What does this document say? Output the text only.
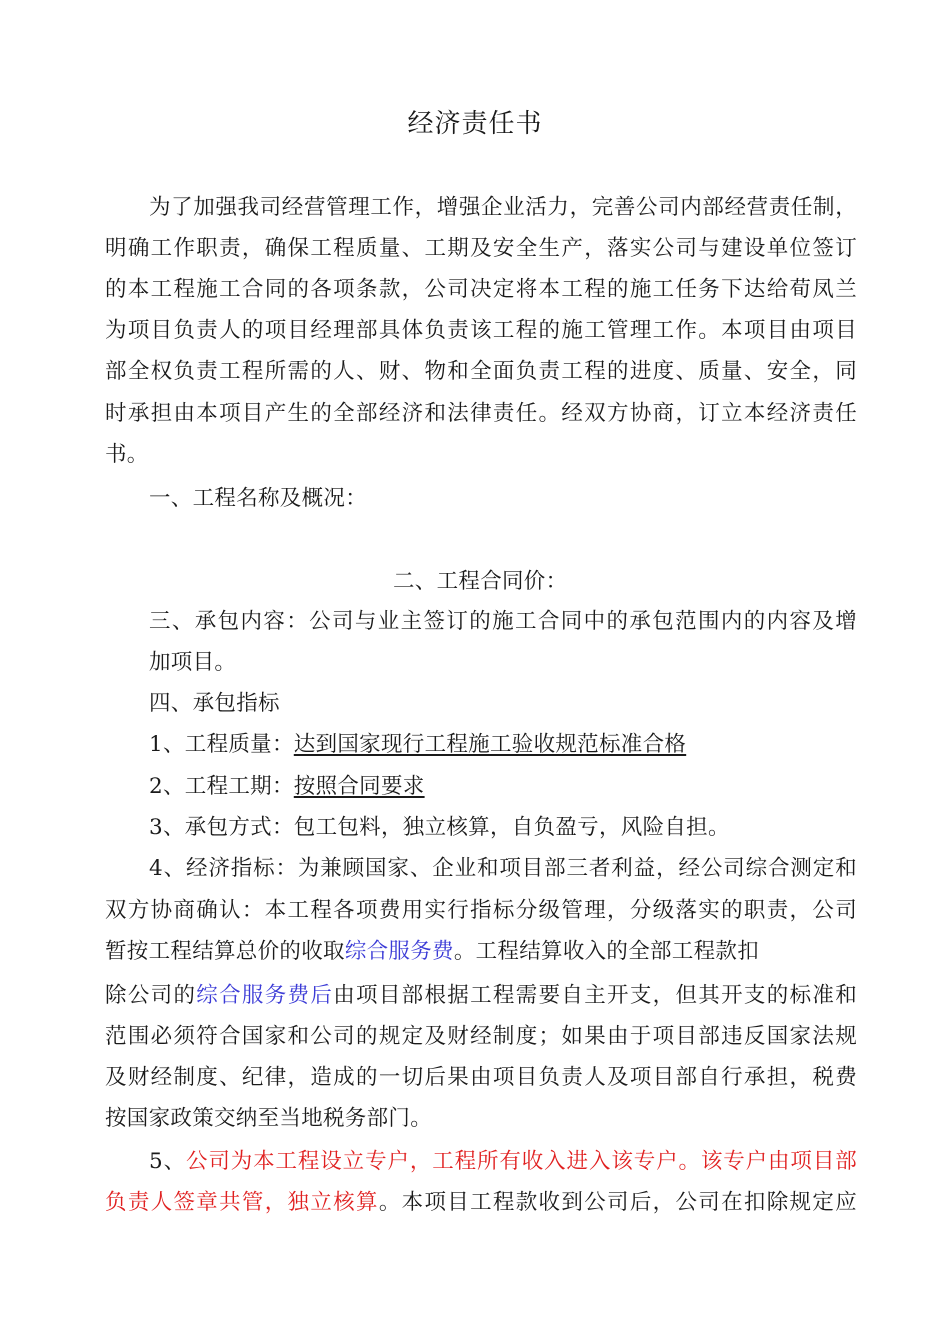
经济责任书
为了加强我司经营管理工作，增强企业活力，完善公司内部经营责任制，
明确工作职责，确保工程质量、工期及安全生产，落实公司与建设单位签订
的本工程施工合同的各项条款，公司决定将本工程的施工任务下达给荀凤兰
为项目负责人的项目经理部具体负责该工程的施工管理工作。本项目由项目
部全权负责工程所需的人、财、物和全面负责工程的进度、质量、安全，同
时承担由本项目产生的全部经济和法律责任。经双方协商，订立本经济责任
书。
一、工程名称及概况：
二、工程合同价：
三、承包内容：公司与业主签订的施工合同中的承包范围内的内容及增
加项目。
四、承包指标
1、工程质量：达到国家现行工程施工验收规范标准合格
2、工程工期：按照合同要求
3、承包方式：包工包料，独立核算，自负盈亏，风险自担。
4、经济指标：为兼顾国家、企业和项目部三者利益，经公司综合测定和
双方协商确认：本工程各项费用实行指标分级管理，分级落实的职责，公司
暂按工程结算总价的收取综合服务费。工程结算收入的全部工程款扣
除公司的综合服务费后由项目部根据工程需要自主开支，但其开支的标准和
范围必须符合国家和公司的规定及财经制度；如果由于项目部违反国家法规
及财经制度、纪律，造成的一切后果由项目负责人及项目部自行承担，税费
按国家政策交纳至当地税务部门。
5、公司为本工程设立专户，工程所有收入进入该专户。该专户由项目部
负责人签章共管，独立核算。本项目工程款收到公司后，公司在扣除规定应
